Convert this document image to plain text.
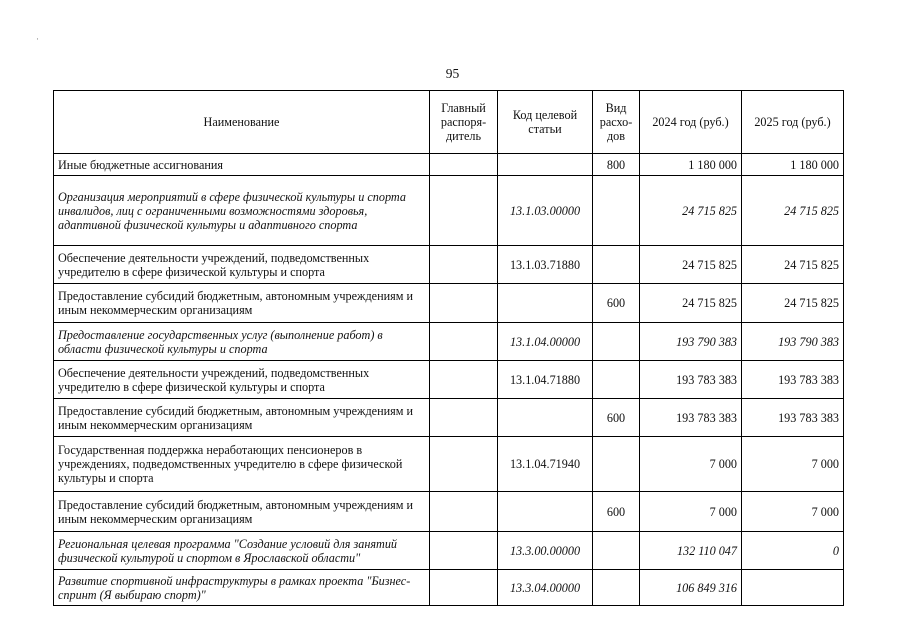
·
95
Наименование	Главный распоря-дитель	Код целевой статьи	Вид расхо-дов	2024 год (руб.)	2025 год (руб.)
Иные бюджетные ассигнования			800	1 180 000	1 180 000
Организация мероприятий в сфере физической культуры и спорта инвалидов, лиц с ограниченными возможностями здоровья, адаптивной физической культуры и адаптивного спорта		13.1.03.00000		24 715 825	24 715 825
Обеспечение деятельности учреждений, подведомственных учредителю в сфере физической культуры и спорта		13.1.03.71880		24 715 825	24 715 825
Предоставление субсидий бюджетным, автономным учреждениям и иным некоммерческим организациям			600	24 715 825	24 715 825
Предоставление государственных услуг (выполнение работ) в области физической культуры и спорта		13.1.04.00000		193 790 383	193 790 383
Обеспечение деятельности учреждений, подведомственных учредителю в сфере физической культуры и спорта		13.1.04.71880		193 783 383	193 783 383
Предоставление субсидий бюджетным, автономным учреждениям и иным некоммерческим организациям			600	193 783 383	193 783 383
Государственная поддержка неработающих пенсионеров в учреждениях, подведомственных учредителю в сфере физической культуры и спорта		13.1.04.71940		7 000	7 000
Предоставление субсидий бюджетным, автономным учреждениям и иным некоммерческим организациям			600	7 000	7 000
Региональная целевая программа "Создание условий для занятий физической культурой и спортом в Ярославской области"		13.3.00.00000		132 110 047	0
Развитие спортивной инфраструктуры в рамках проекта "Бизнес-спринт (Я выбираю спорт)"		13.3.04.00000		106 849 316	
